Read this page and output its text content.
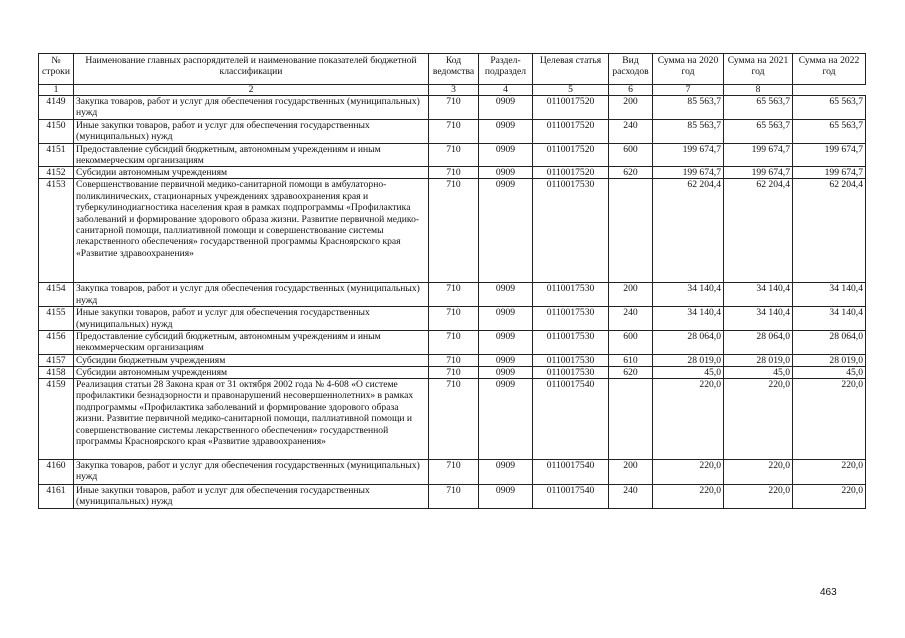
№ строки	Наименование главных распорядителей и наименование показателей бюджетной классификации	Код ведомства	Раздел-подраздел	Целевая статья	Вид расходов	Сумма на 2020 год	Сумма на 2021 год	Сумма на 2022 год
1	2	3	4	5	6	7	8	
4149	Закупка товаров, работ и услуг для обеспечения государственных (муниципальных) нужд	710	0909	0110017520	200	85 563,7	65 563,7	65 563,7
4150	Иные закупки товаров, работ и услуг для обеспечения государственных (муниципальных) нужд	710	0909	0110017520	240	85 563,7	65 563,7	65 563,7
4151	Предоставление субсидий бюджетным, автономным учреждениям и иным некоммерческим организациям	710	0909	0110017520	600	199 674,7	199 674,7	199 674,7
4152	Субсидии автономным учреждениям	710	0909	0110017520	620	199 674,7	199 674,7	199 674,7
4153	Совершенствование первичной медико-санитарной помощи в амбулаторно-поликлинических, стационарных учреждениях здравоохранения края и туберкулинодиагностика населения края в рамках подпрограммы «Профилактика заболеваний и формирование здорового образа жизни. Развитие первичной медико-санитарной помощи, паллиативной помощи и совершенствование системы лекарственного обеспечения» государственной программы Красноярского края «Развитие здравоохранения»	710	0909	0110017530		62 204,4	62 204,4	62 204,4
4154	Закупка товаров, работ и услуг для обеспечения государственных (муниципальных) нужд	710	0909	0110017530	200	34 140,4	34 140,4	34 140,4
4155	Иные закупки товаров, работ и услуг для обеспечения государственных (муниципальных) нужд	710	0909	0110017530	240	34 140,4	34 140,4	34 140,4
4156	Предоставление субсидий бюджетным, автономным учреждениям и иным некоммерческим организациям	710	0909	0110017530	600	28 064,0	28 064,0	28 064,0
4157	Субсидии бюджетным учреждениям	710	0909	0110017530	610	28 019,0	28 019,0	28 019,0
4158	Субсидии автономным учреждениям	710	0909	0110017530	620	45,0	45,0	45,0
4159	Реализация статьи 28 Закона края от 31 октября 2002 года № 4-608 «О системе профилактики безнадзорности и правонарушений несовершеннолетних» в рамках подпрограммы «Профилактика заболеваний и формирование здорового образа жизни. Развитие первичной медико-санитарной помощи, паллиативной помощи и совершенствование системы лекарственного обеспечения» государственной программы Красноярского края «Развитие здравоохранения»	710	0909	0110017540		220,0	220,0	220,0
4160	Закупка товаров, работ и услуг для обеспечения государственных (муниципальных) нужд	710	0909	0110017540	200	220,0	220,0	220,0
4161	Иные закупки товаров, работ и услуг для обеспечения государственных (муниципальных) нужд	710	0909	0110017540	240	220,0	220,0	220,0
463
